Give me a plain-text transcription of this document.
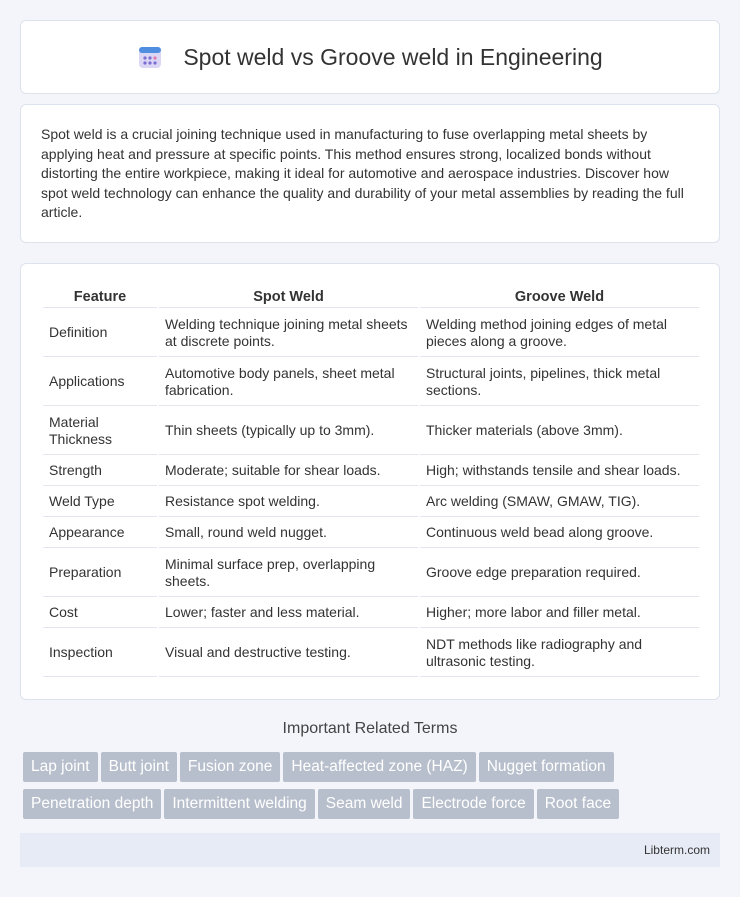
Spot weld vs Groove weld in Engineering

Spot weld is a crucial joining technique used in manufacturing to fuse overlapping metal sheets by applying heat and pressure at specific points. This method ensures strong, localized bonds without distorting the entire workpiece, making it ideal for automotive and aerospace industries. Discover how spot weld technology can enhance the quality and durability of your metal assemblies by reading the full article.

Feature	Spot Weld	Groove Weld
Definition	Welding technique joining metal sheets at discrete points.	Welding method joining edges of metal pieces along a groove.
Applications	Automotive body panels, sheet metal fabrication.	Structural joints, pipelines, thick metal sections.
Material Thickness	Thin sheets (typically up to 3mm).	Thicker materials (above 3mm).
Strength	Moderate; suitable for shear loads.	High; withstands tensile and shear loads.
Weld Type	Resistance spot welding.	Arc welding (SMAW, GMAW, TIG).
Appearance	Small, round weld nugget.	Continuous weld bead along groove.
Preparation	Minimal surface prep, overlapping sheets.	Groove edge preparation required.
Cost	Lower; faster and less material.	Higher; more labor and filler metal.
Inspection	Visual and destructive testing.	NDT methods like radiography and ultrasonic testing.
Important Related Terms
Lap joint Butt joint Fusion zone Heat-affected zone (HAZ) Nugget formation
Penetration depth Intermittent welding Seam weld Electrode force Root face
Libterm.com
